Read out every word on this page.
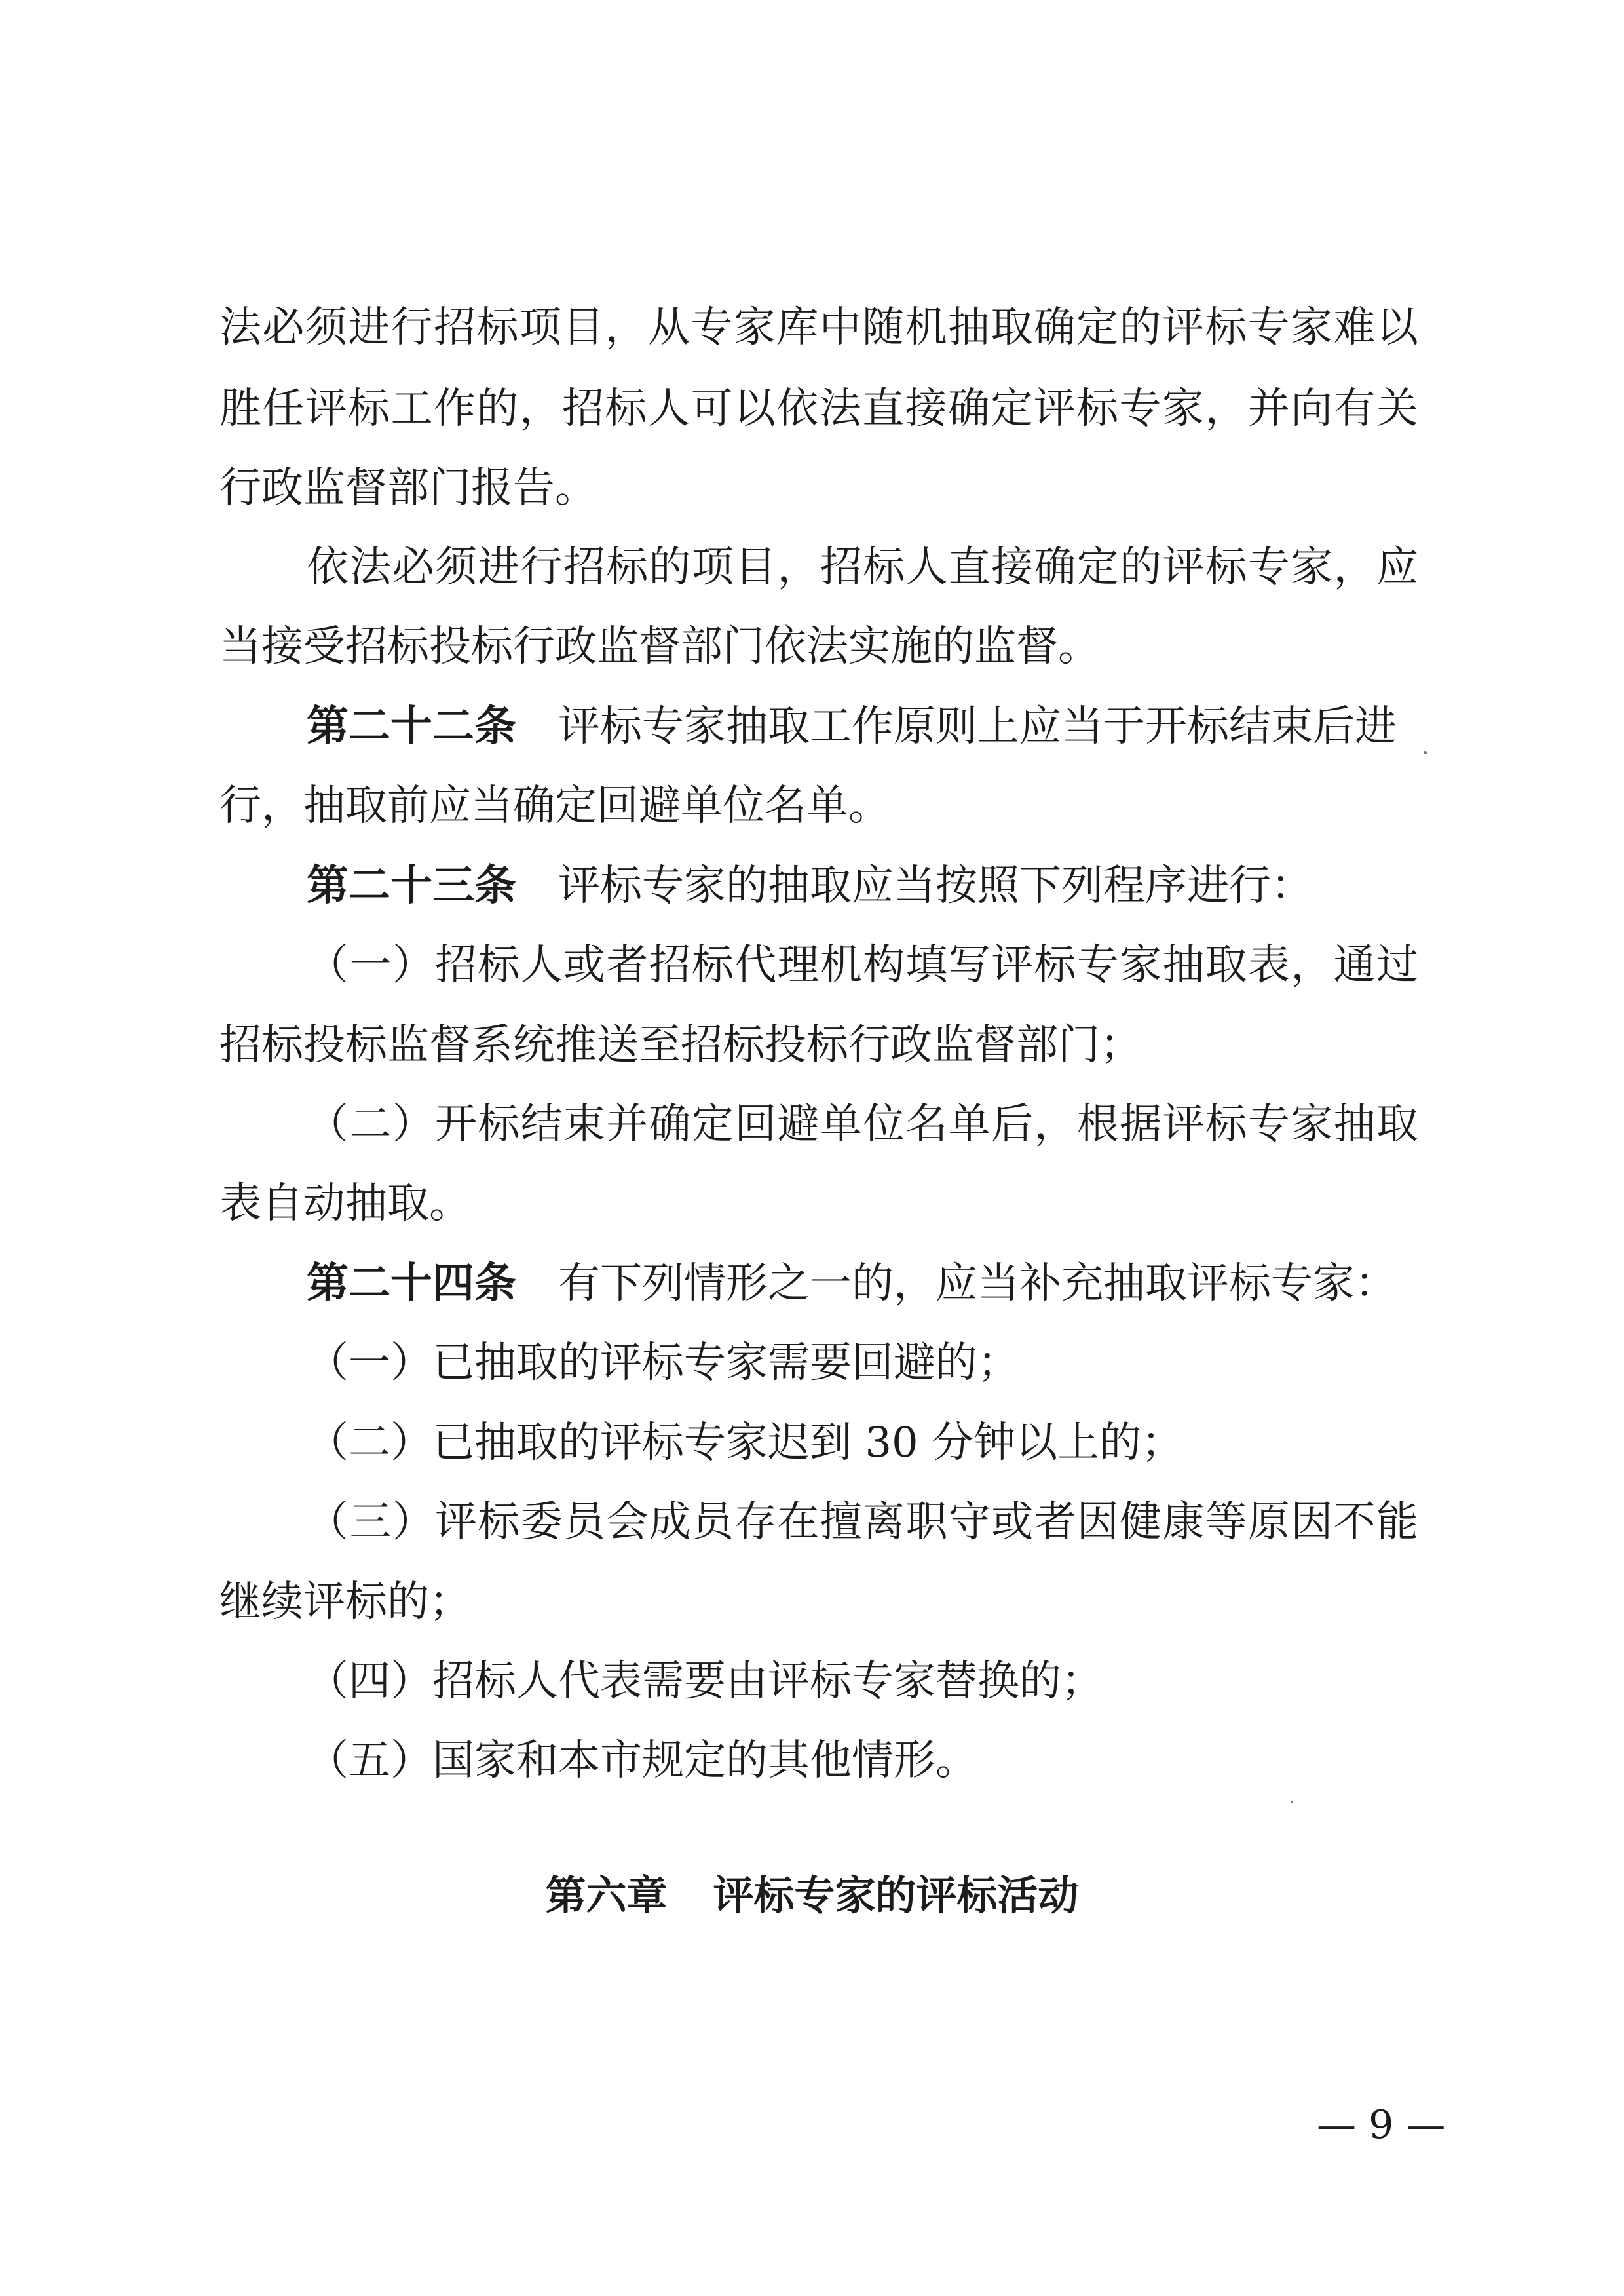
法必须进行招标项目，从专家库中随机抽取确定的评标专家难以
胜任评标工作的，招标人可以依法直接确定评标专家，并向有关
行政监督部门报告。
依法必须进行招标的项目，招标人直接确定的评标专家，应
当接受招标投标行政监督部门依法实施的监督。
第二十二条 评标专家抽取工作原则上应当于开标结束后进
行，抽取前应当确定回避单位名单。
第二十三条 评标专家的抽取应当按照下列程序进行：
（一）招标人或者招标代理机构填写评标专家抽取表，通过
招标投标监督系统推送至招标投标行政监督部门；
（二）开标结束并确定回避单位名单后，根据评标专家抽取
表自动抽取。
第二十四条 有下列情形之一的，应当补充抽取评标专家：
（一）已抽取的评标专家需要回避的；
（二）已抽取的评标专家迟到 30 分钟以上的；
（三）评标委员会成员存在擅离职守或者因健康等原因不能
继续评标的；
（四）招标人代表需要由评标专家替换的；
（五）国家和本市规定的其他情形。
第六章 评标专家的评标活动
— 9 —
